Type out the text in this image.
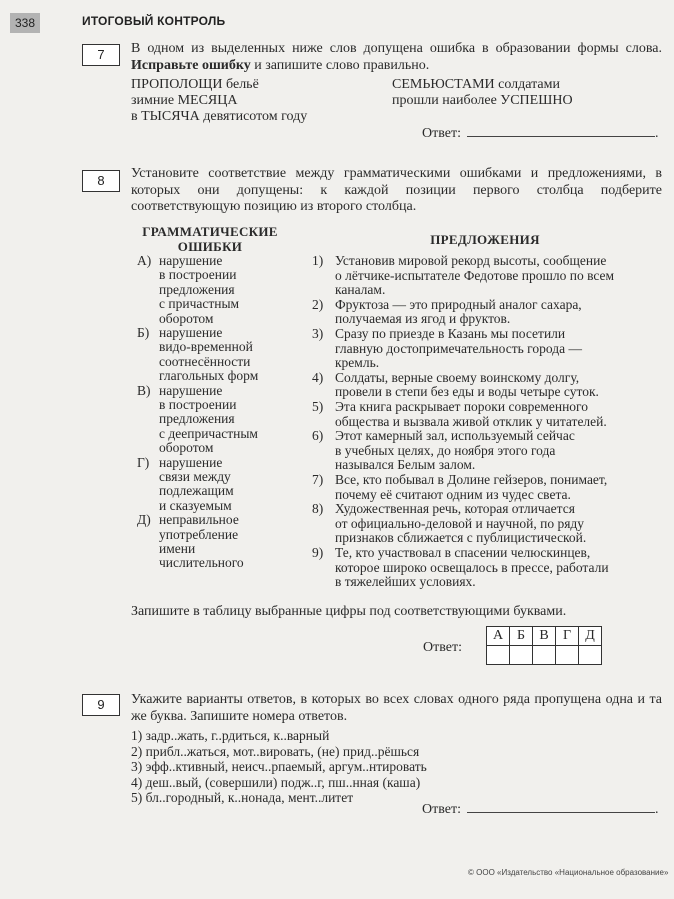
338	ИТОГОВЫЙ КОНТРОЛЬ
7	В одном из выделенных ниже слов допущена ошибка в образовании формы слова. Исправьте ошибку и запишите слово правильно.
ПРОПОЛОЩИ бельё
зимние МЕСЯЦА
в ТЫСЯЧА девятисотом году
СЕМЬЮСТАМИ солдатами
прошли наиболее УСПЕШНО
Ответ:	.
8	Установите соответствие между грамматическими ошибками и предложениями, в которых они допущены: к каждой позиции первого столбца подберите соответствующую позицию из второго столбца.
ГРАММАТИЧЕСКИЕ ОШИБКИ	ПРЕДЛОЖЕНИЯ
А) нарушение
в построении
предложения
с причастным
оборотом
Б) нарушение
видо-временной
соотнесённости
глагольных форм
В) нарушение
в построении
предложения
с деепричастным
оборотом
Г) нарушение
связи между
подлежащим
и сказуемым
Д) неправильное
употребление
имени
числительного
1) Установив мировой рекорд высоты, сообщение
о лётчике-испытателе Федотове прошло по всем
каналам.
2) Фруктоза — это природный аналог сахара,
получаемая из ягод и фруктов.
3) Сразу по приезде в Казань мы посетили
главную достопримечательность города —
кремль.
4) Солдаты, верные своему воинскому долгу,
провели в степи без еды и воды четыре суток.
5) Эта книга раскрывает пороки современного
общества и вызвала живой отклик у читателей.
6) Этот камерный зал, используемый сейчас
в учебных целях, до ноября этого года
назывался Белым залом.
7) Все, кто побывал в Долине гейзеров, понимает,
почему её считают одним из чудес света.
8) Художественная речь, которая отличается
от официально-деловой и научной, по ряду
признаков сближается с публицистической.
9) Те, кто участвовал в спасении челюскинцев,
которое широко освещалось в прессе, работали
в тяжелейших условиях.
Запишите в таблицу выбранные цифры под соответствующими буквами.
Ответ:
А	Б	В	Г	Д

9	Укажите варианты ответов, в которых во всех словах одного ряда пропущена одна и та же буква. Запишите номера ответов.
1) задр..жать, г..рдиться, к..варный
2) прибл..жаться, мот..вировать, (не) прид..рёшься
3) эфф..ктивный, неисч..рпаемый, аргум..нтировать
4) деш..вый, (совершили) подж..г, пш..нная (каша)
5) бл..городный, к..нонада, мент..литет
Ответ:	.
© ООО «Издательство «Национальное образование»
